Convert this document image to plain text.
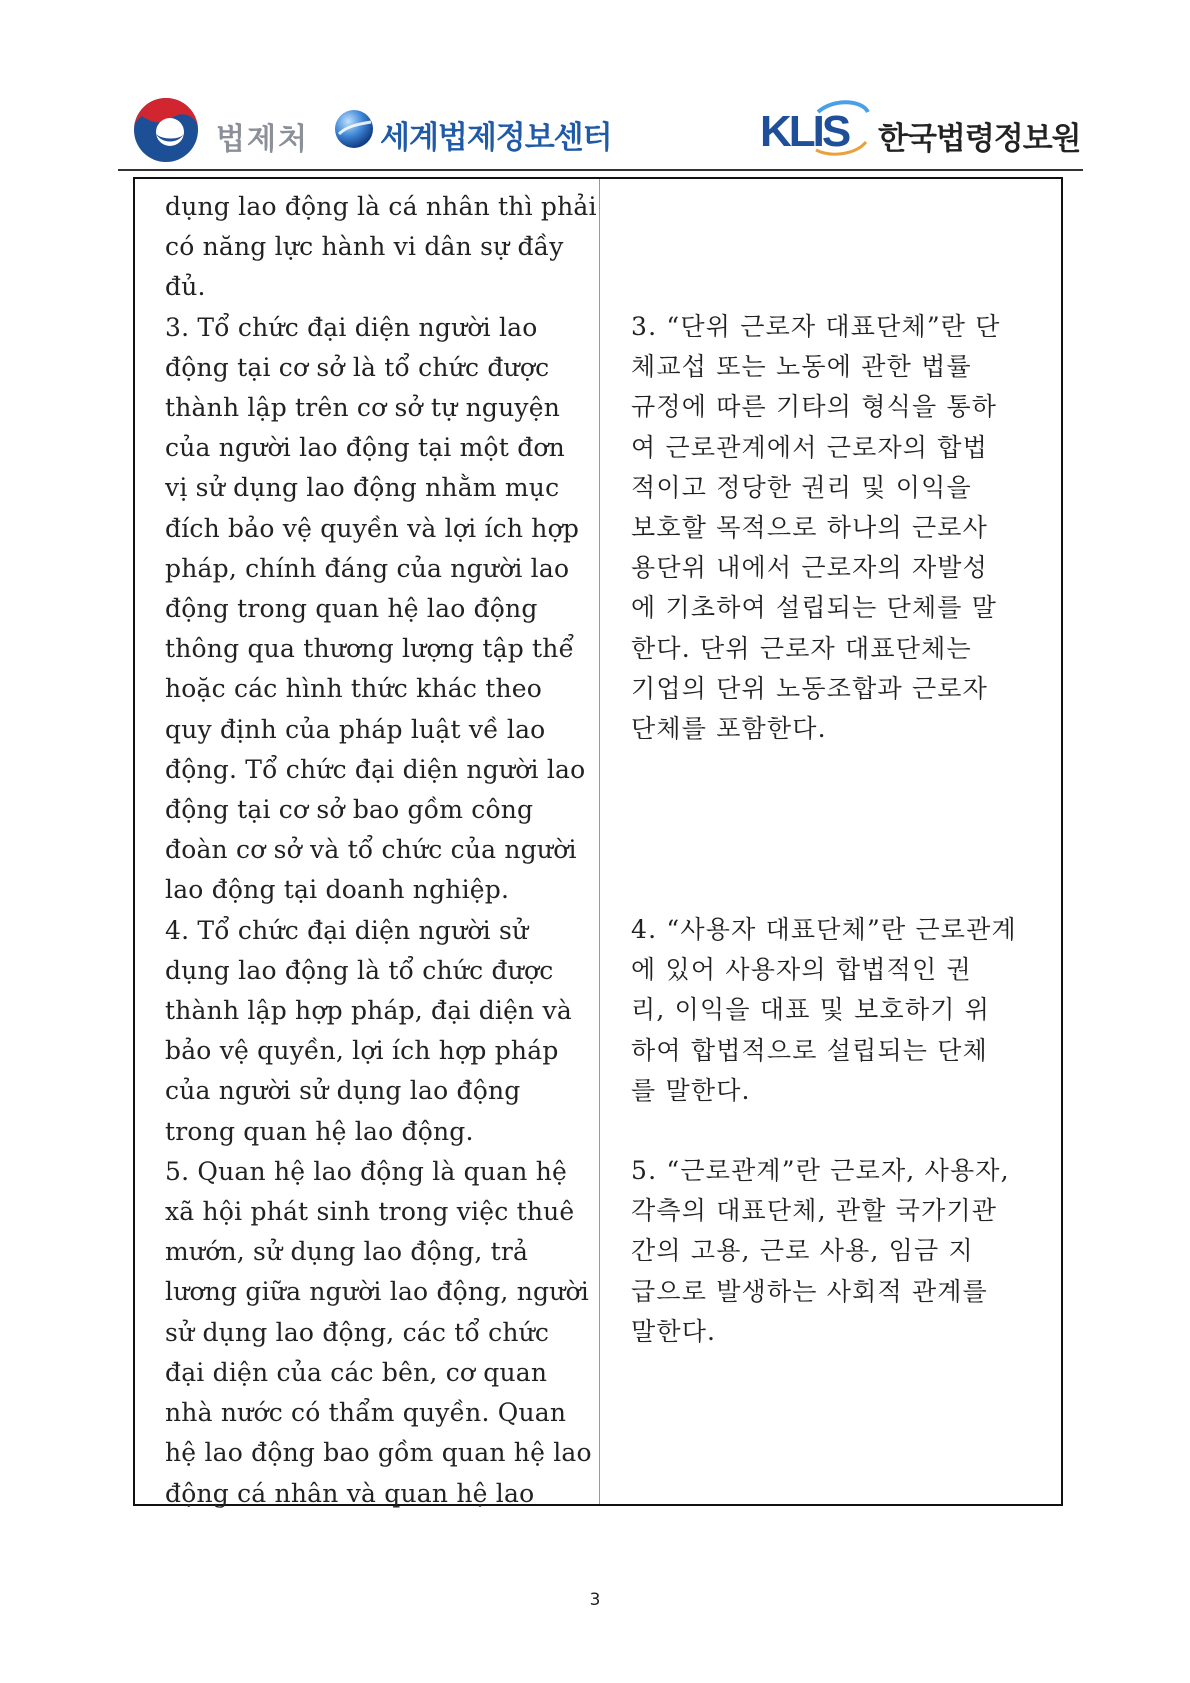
법제처 세계법제정보센터	KLIS 한국법령정보원
dụng lao động là cá nhân thì phải
có năng lực hành vi dân sự đầy
đủ.
3. Tổ chức đại diện người lao
động tại cơ sở là tổ chức được
thành lập trên cơ sở tự nguyện
của người lao động tại một đơn
vị sử dụng lao động nhằm mục
đích bảo vệ quyền và lợi ích hợp
pháp, chính đáng của người lao
động trong quan hệ lao động
thông qua thương lượng tập thể
hoặc các hình thức khác theo
quy định của pháp luật về lao
động. Tổ chức đại diện người lao
động tại cơ sở bao gồm công
đoàn cơ sở và tổ chức của người
lao động tại doanh nghiệp.
4. Tổ chức đại diện người sử
dụng lao động là tổ chức được
thành lập hợp pháp, đại diện và
bảo vệ quyền, lợi ích hợp pháp
của người sử dụng lao động
trong quan hệ lao động.
5. Quan hệ lao động là quan hệ
xã hội phát sinh trong việc thuê
mướn, sử dụng lao động, trả
lương giữa người lao động, người
sử dụng lao động, các tổ chức
đại diện của các bên, cơ quan
nhà nước có thẩm quyền. Quan
hệ lao động bao gồm quan hệ lao
động cá nhân và quan hệ lao
3. “단위 근로자 대표단체”란 단
체교섭 또는 노동에 관한 법률
규정에 따른 기타의 형식을 통하
여 근로관계에서 근로자의 합법
적이고 정당한 권리 및 이익을
보호할 목적으로 하나의 근로사
용단위 내에서 근로자의 자발성
에 기초하여 설립되는 단체를 말
한다. 단위 근로자 대표단체는
기업의 단위 노동조합과 근로자
단체를 포함한다.
4. “사용자 대표단체”란 근로관계
에 있어 사용자의 합법적인 권
리, 이익을 대표 및 보호하기 위
하여 합법적으로 설립되는 단체
를 말한다.
5. “근로관계”란 근로자, 사용자,
각측의 대표단체, 관할 국가기관
간의 고용, 근로 사용, 임금 지
급으로 발생하는 사회적 관계를
말한다.
3
